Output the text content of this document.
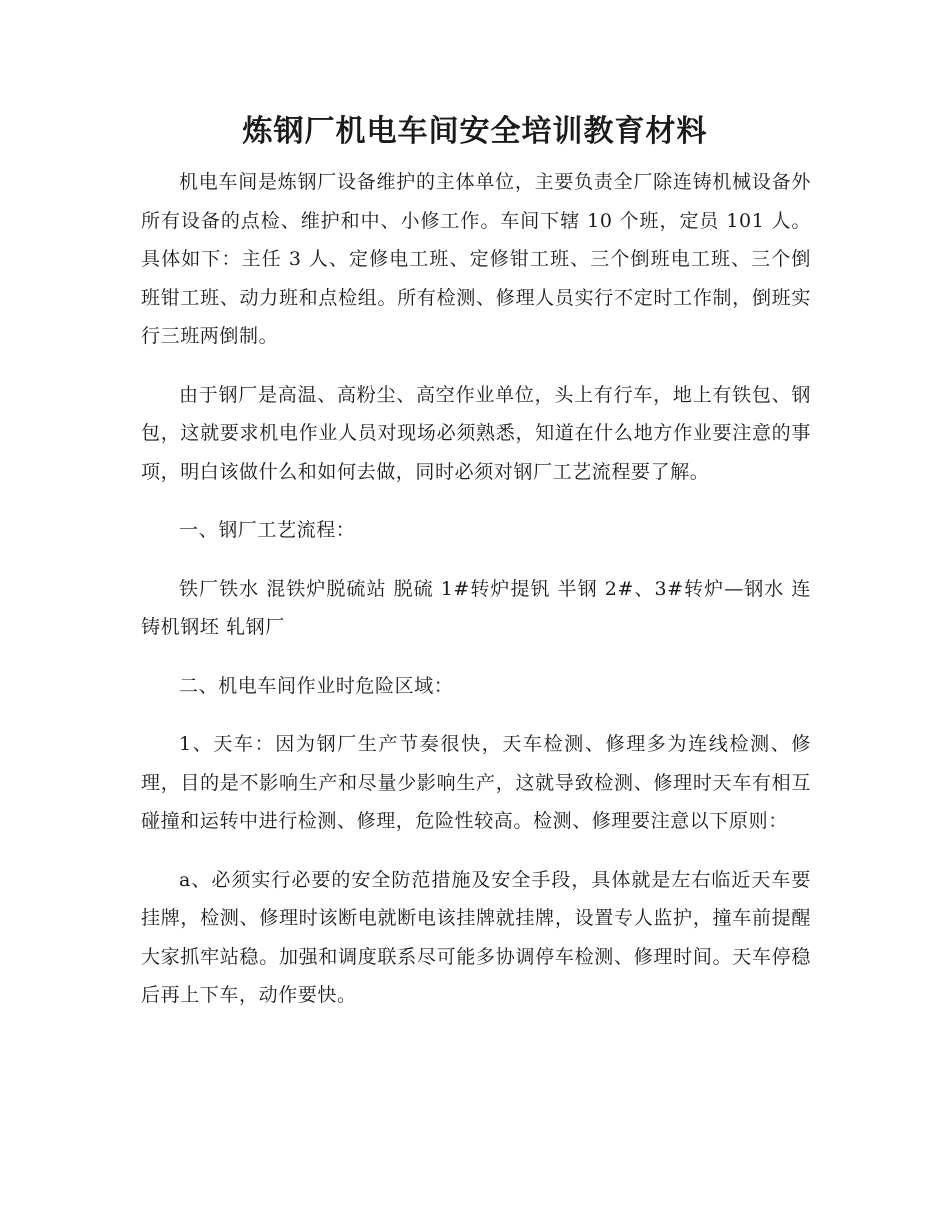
炼钢厂机电车间安全培训教育材料

机电车间是炼钢厂设备维护的主体单位，主要负责全厂除连铸机械设备外所有设备的点检、维护和中、小修工作。车间下辖 10 个班，定员 101 人。具体如下：主任 3 人、定修电工班、定修钳工班、三个倒班电工班、三个倒班钳工班、动力班和点检组。所有检测、修理人员实行不定时工作制，倒班实行三班两倒制。

由于钢厂是高温、高粉尘、高空作业单位，头上有行车，地上有铁包、钢包，这就要求机电作业人员对现场必须熟悉，知道在什么地方作业要注意的事项，明白该做什么和如何去做，同时必须对钢厂工艺流程要了解。

一、钢厂工艺流程：

铁厂铁水 混铁炉脱硫站 脱硫 1#转炉提钒 半钢 2#、3#转炉—钢水 连铸机钢坯 轧钢厂

二、机电车间作业时危险区域：

1、天车：因为钢厂生产节奏很快，天车检测、修理多为连线检测、修理，目的是不影响生产和尽量少影响生产，这就导致检测、修理时天车有相互碰撞和运转中进行检测、修理，危险性较高。检测、修理要注意以下原则：

a、必须实行必要的安全防范措施及安全手段，具体就是左右临近天车要挂牌，检测、修理时该断电就断电该挂牌就挂牌，设置专人监护，撞车前提醒大家抓牢站稳。加强和调度联系尽可能多协调停车检测、修理时间。天车停稳后再上下车，动作要快。
